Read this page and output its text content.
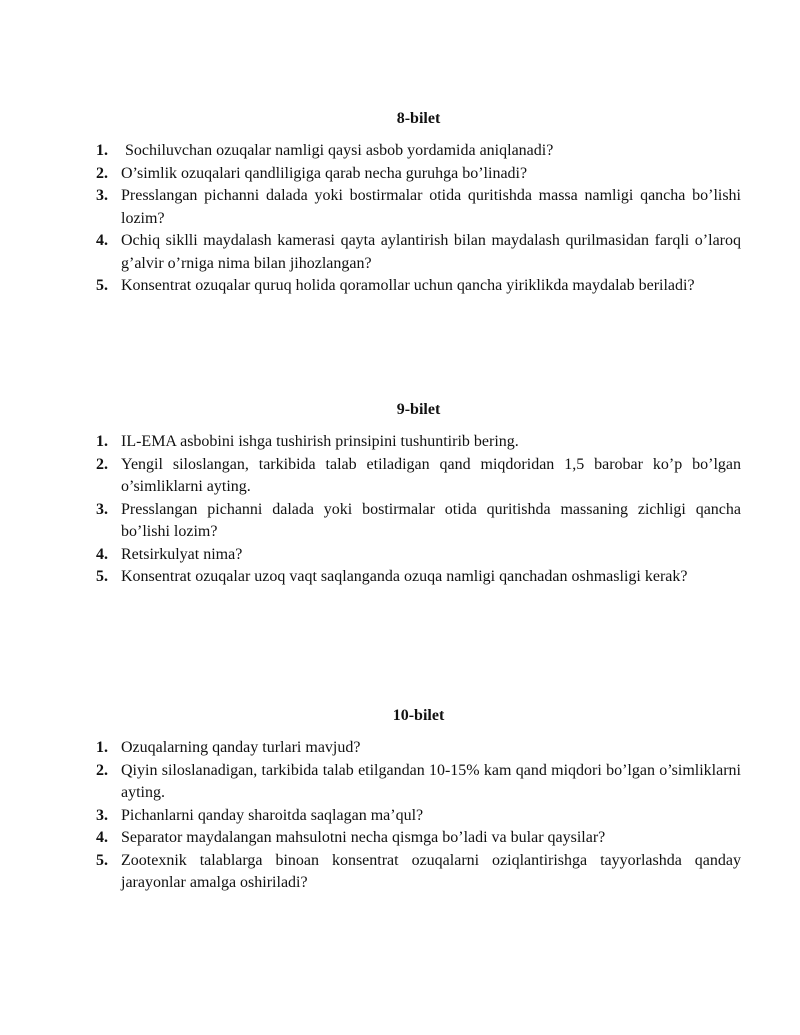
8-bilet
1. Sochiluvchan ozuqalar namligi qaysi asbob yordamida aniqlanadi?
2. O’simlik ozuqalari qandliligiga qarab necha guruhga bo’linadi?
3. Presslangan pichanni dalada yoki bostirmalar otida quritishda massa namligi qancha bo’lishi lozim?
4. Ochiq siklli maydalash kamerasi qayta aylantirish bilan maydalash qurilmasidan farqli o’laroq g’alvir o’rniga nima bilan jihozlangan?
5. Konsentrat ozuqalar quruq holida qoramollar uchun qancha yiriklikda maydalab beriladi?
9-bilet
1. IL-EMA asbobini ishga tushirish prinsipini tushuntirib bering.
2. Yengil siloslangan, tarkibida talab etiladigan qand miqdoridan 1,5 barobar ko’p bo’lgan o’simliklarni ayting.
3. Presslangan pichanni dalada yoki bostirmalar otida quritishda massaning zichligi qancha bo’lishi lozim?
4. Retsirkulyat nima?
5. Konsentrat ozuqalar uzoq vaqt saqlanganda ozuqa namligi qanchadan oshmasligi kerak?
10-bilet
1. Ozuqalarning qanday turlari mavjud?
2. Qiyin siloslanadigan, tarkibida talab etilgandan 10-15% kam qand miqdori bo’lgan o’simliklarni ayting.
3. Pichanlarni qanday sharoitda saqlagan ma’qul?
4. Separator maydalangan mahsulotni necha qismga bo’ladi va bular qaysilar?
5. Zootexnik talablarga binoan konsentrat ozuqalarni oziqlantirishga tayyorlashda qanday jarayonlar amalga oshiriladi?
